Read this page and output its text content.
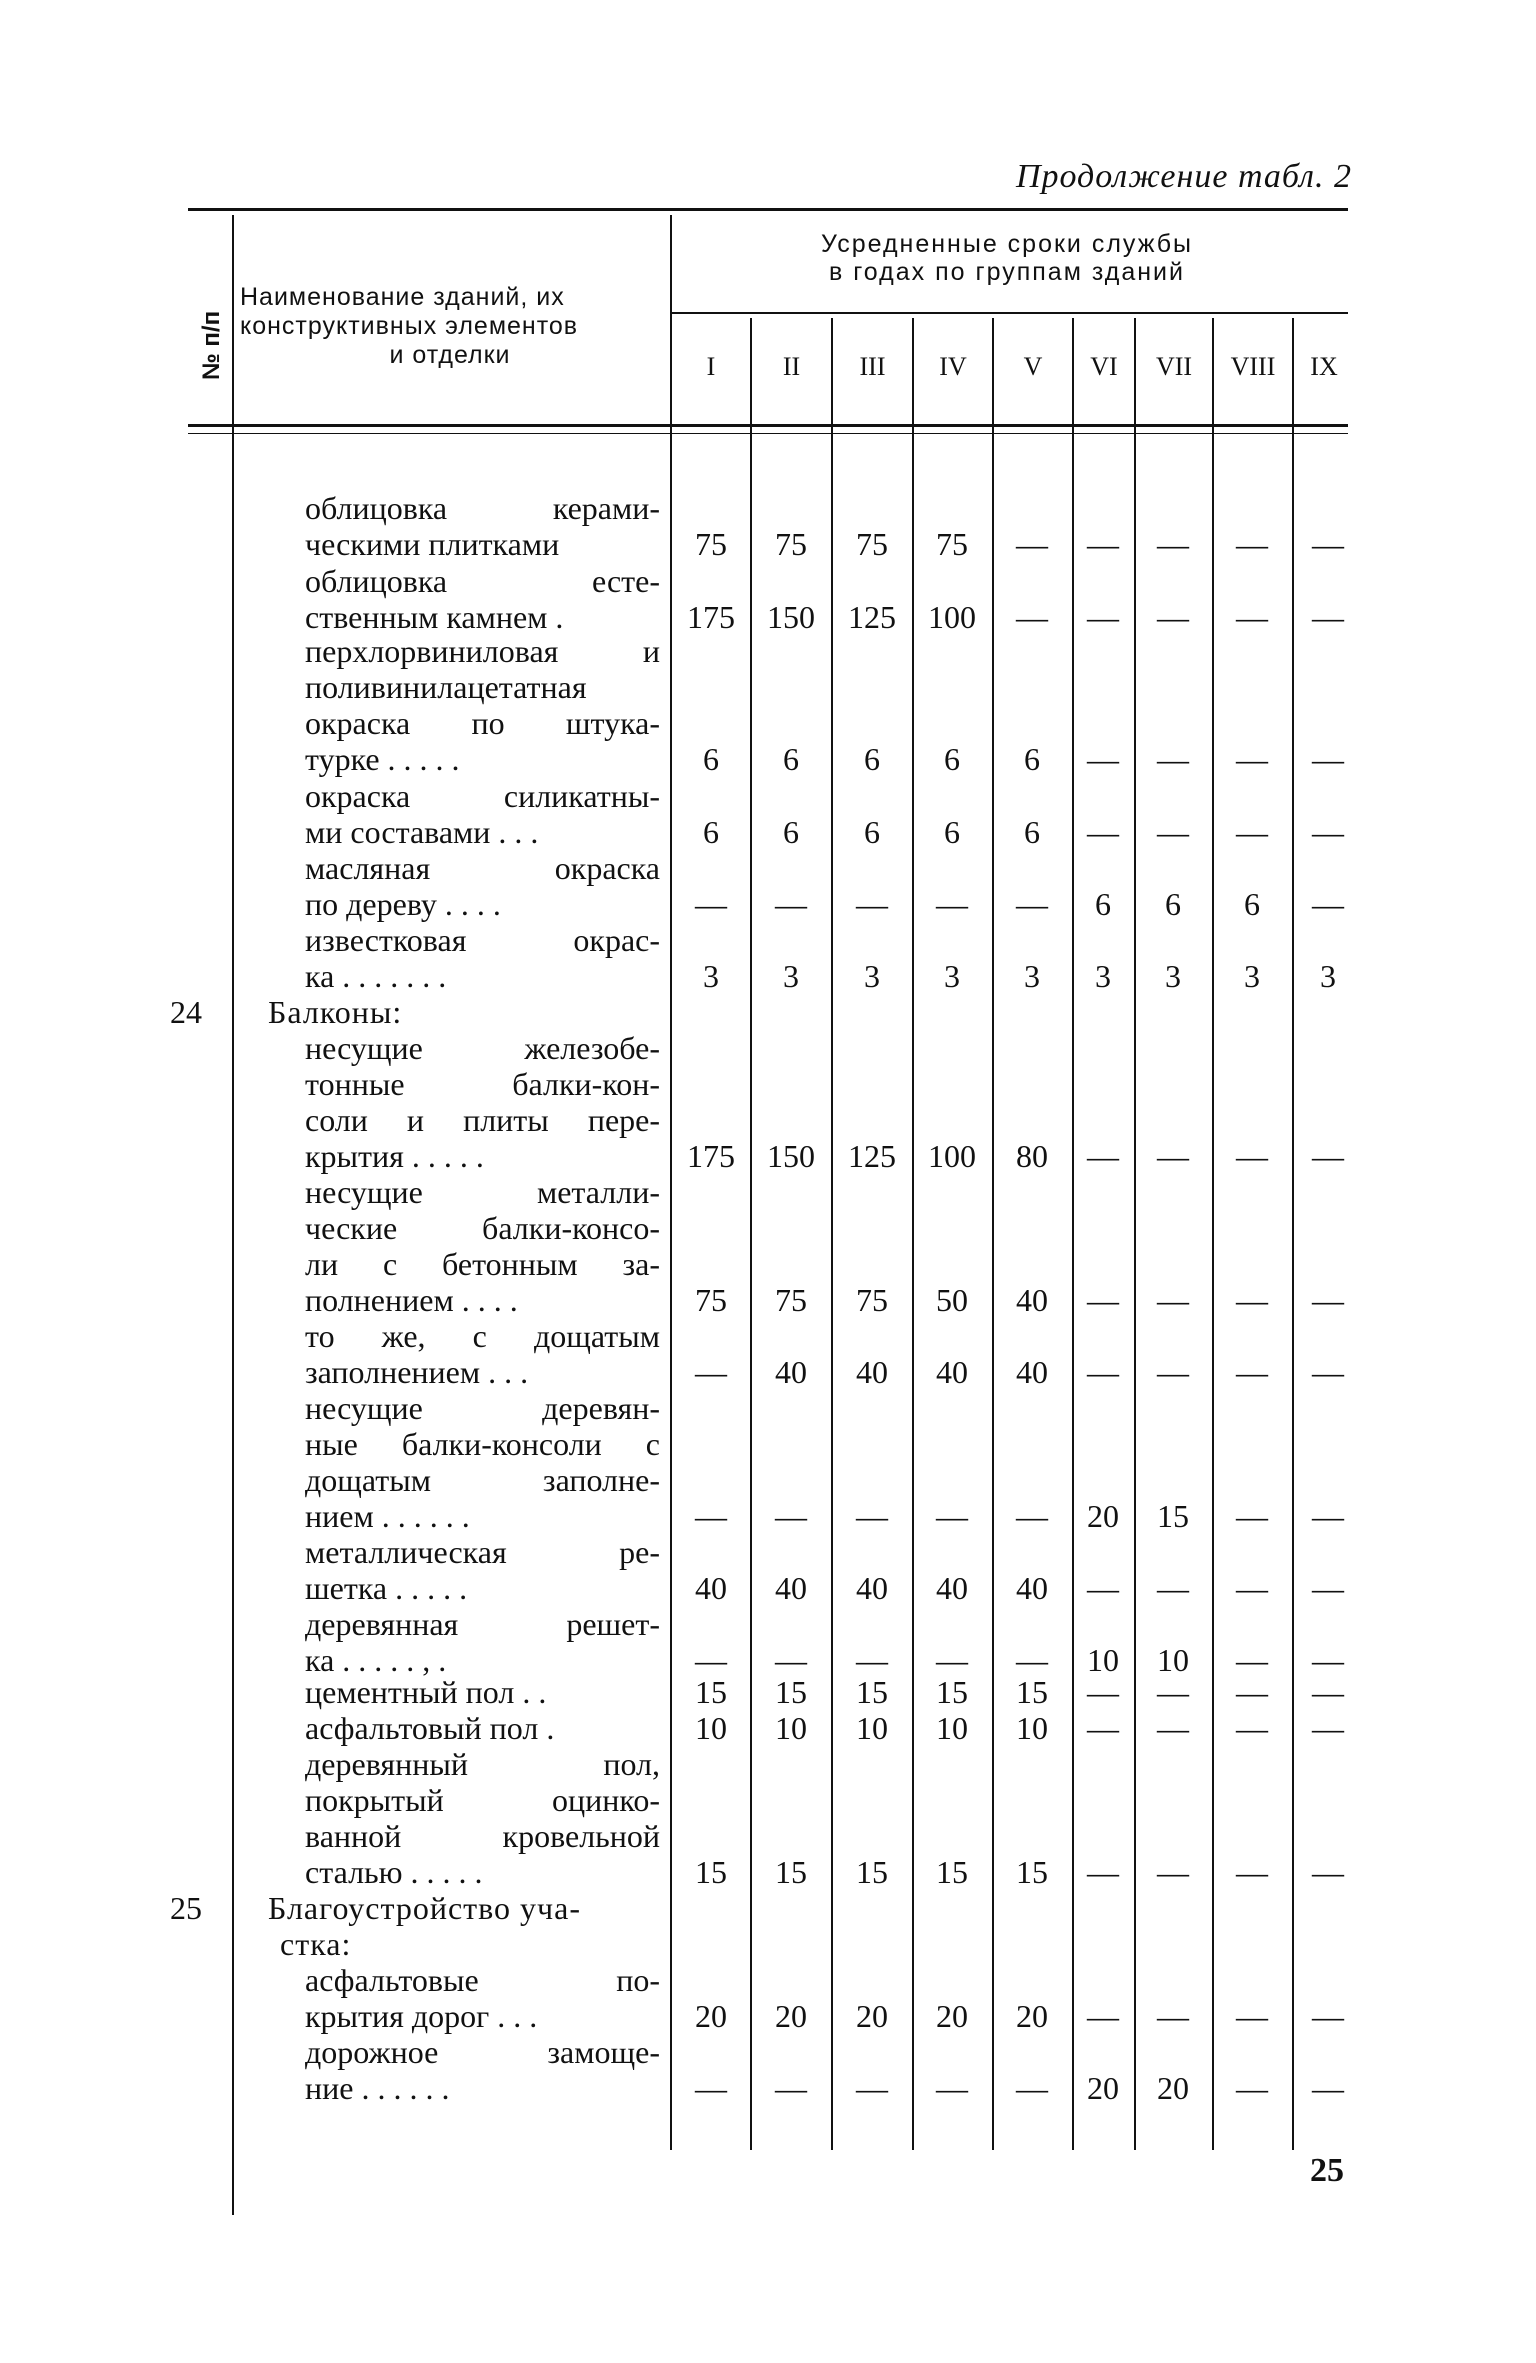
Продолжение табл. 2
№ п/п
Наименование зданий, их
конструктивных элементов
и отделки
Усредненные сроки службы
в годах по группам зданий
I	II	III	IV	V	VI	VII	VIII	IX
облицовка керами-
ческими плитками	75	75	75	75	—	—	—	—	—
облицовка есте-
ственным камнем .	175	150	125	100	—	—	—	—	—
перхлорвиниловая и
поливинилацетатная
окраска по штука-
турке . . . . .	6	6	6	6	6	—	—	—	—
окраска силикатны-
ми составами . . .	6	6	6	6	6	—	—	—	—
масляная окраска
по дереву . . . .	—	—	—	—	—	6	6	6	—
известковая окрас-
ка . . . . . . .	3	3	3	3	3	3	3	3	3
24 Балконы:
несущие железобе-
тонные балки-кон-
соли и плиты пере-
крытия . . . . .	175	150	125	100	80	—	—	—	—
несущие металли-
ческие балки-консо-
ли с бетонным за-
полнением . . . .	75	75	75	50	40	—	—	—	—
то же, с дощатым
заполнением . . .	—	40	40	40	40	—	—	—	—
несущие деревян-
ные балки-консоли с
дощатым заполне-
нием . . . . . .	—	—	—	—	—	20	15	—	—
металлическая ре-
шетка . . . . .	40	40	40	40	40	—	—	—	—
деревянная решет-
ка . . . . . , .	—	—	—	—	—	10	10	—	—
цементный пол . .	15	15	15	15	15	—	—	—	—
асфальтовый пол .	10	10	10	10	10	—	—	—	—
деревянный пол,
покрытый оцинко-
ванной кровельной
сталью . . . . .	15	15	15	15	15	—	—	—	—
25 Благоустройство уча-
стка:
асфальтовые по-
крытия дорог . . .	20	20	20	20	20	—	—	—	—
дорожное замоще-
ние . . . . . .	—	—	—	—	—	20	20	—	—
25
